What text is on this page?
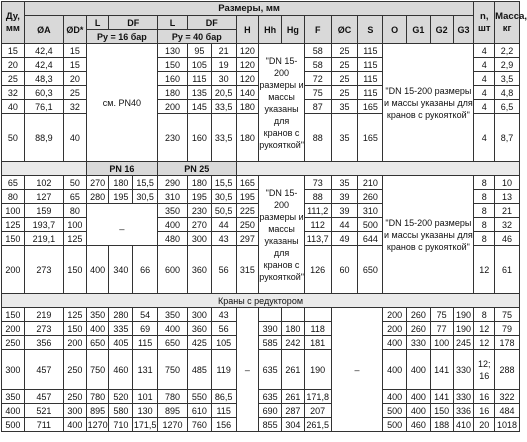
Ду, мм	Размеры, мм																		n, шт	Масса, кг
	ØA	ØD*	L	DF		L	DF		H	Hh	Hg	F	ØC	S	O	G1	G2	G3		
			Pу = 16 бар			Pу = 40 бар														
15	42,4	15	см. PN40			130	95	21	120	"DN 15-200 размеры и массы указаны для кранов с рукояткой"		58	25	115	"DN 15-200 размеры и массы указаны для кранов с рукояткой"				4	2,2
20	42,4	15				150	105	19	120			58	25	115					4	2,9
25	48,3	20				160	115	30	120			72	25	115					4	3,5
32	60,3	25				180	135	20,5	140			75	25	115					4	4,8
40	76,1	32				200	145	33,5	180			87	35	165					4	6,5
50	88,9	40				230	160	33,5	180			88	35	165					4	8,7
			PN 16			PN 25														
65	102	50	270	180	15,5	290	180	15,5	165	"DN 15-200 размеры и массы указаны для кранов с рукояткой"		73	35	210	"DN 15-200 размеры и массы указаны для кранов с рукояткой"				8	10
80	127	65	280	195	30,5	310	195	30,5	195			88	39	260					8	13
100	159	80	_			350	230	50,5	225			111,2	39	310					8	21
125	193,7	100				400	270	44	250			112	44	500					8	32
150	219,1	125				480	300	43	297			113,7	49	644					8	46
200	273	150	400	340	66	600	360	56	315			126	60	650					12	61
Краны с редуктором																				
150	219	125	350	280	54	350	300	43	–				–		200	260	75	190	8	75
200	273	150	400	335	69	400	360	56		390	180	118			200	260	77	190	12	79
250	356	200	650	405	115	650	425	105		585	242	181			400	330	100	245	12	178
300	457	250	750	460	131	750	485	119		635	261	190			400	400	141	330	12; 16	288
350	457	250	780	520	101	780	550	86,5		635	261	171,8			400	400	141	330	16	322
400	521	300	895	580	130	895	610	115		690	287	207			500	400	150	336	16	484
500	711	400	1270	710	171,5	1270	760	156		855	304	261,5			500	460	188	410	20	1018
